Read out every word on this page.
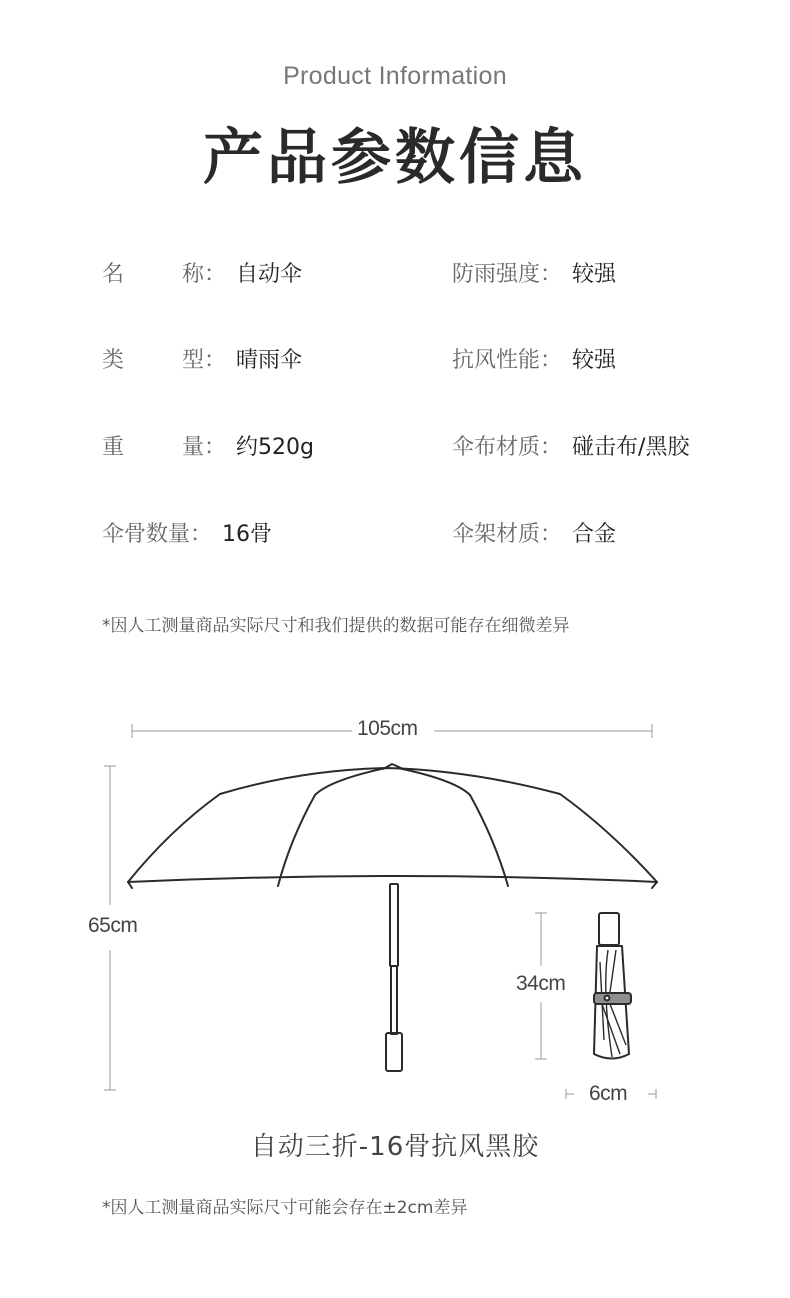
Product Information
产品参数信息
名	称 ： 自动伞
类	型 ： 晴雨伞
重	量 ： 约520g
伞骨数量： 16骨
防雨强度： 较强
抗风性能： 较强
伞布材质： 碰击布/黑胶
伞架材质： 合金
*因人工测量商品实际尺寸和我们提供的数据可能存在细微差异
105cm
65cm
34cm
6cm
自动三折-16骨抗风黑胶
*因人工测量商品实际尺寸可能会存在±2cm差异
